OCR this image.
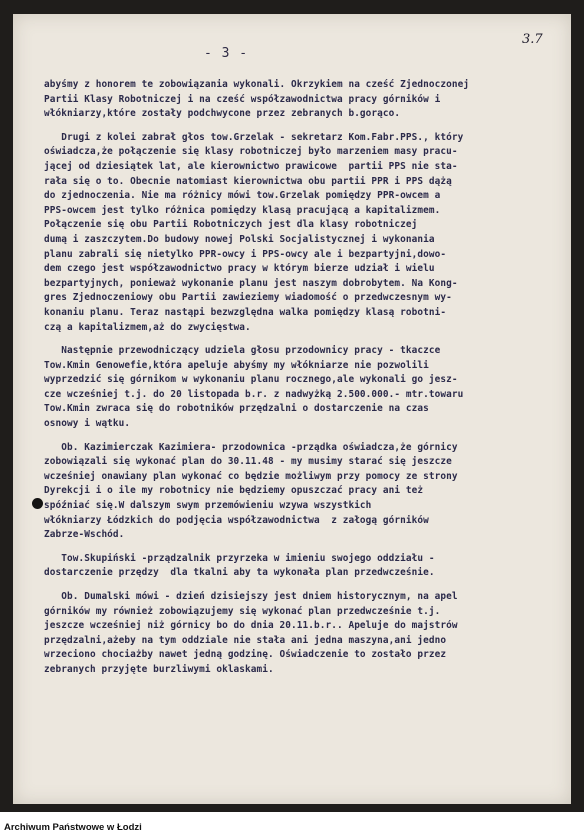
3.7
- 3 -

abyśmy z honorem te zobowiązania wykonali. Okrzykiem na cześć Zjednoczonej
Partii Klasy Robotniczej i na cześć współzawodnictwa pracy górników i
włókniarzy,które zostały podchwycone przez zebranych b.gorąco.

Drugi z kolei zabrał głos tow.Grzelak - sekretarz Kom.Fabr.PPS., który
oświadcza,że połączenie się klasy robotniczej było marzeniem masy pracu-
jącej od dziesiątek lat, ale kierownictwo prawicowe  partii PPS nie sta-
rała się o to. Obecnie natomiast kierownictwa obu partii PPR i PPS dążą
do zjednoczenia. Nie ma różnicy mówi tow.Grzelak pomiędzy PPR-owcem a
PPS-owcem jest tylko różnica pomiędzy klasą pracującą a kapitalizmem.
Połączenie się obu Partii Robotniczych jest dla klasy robotniczej
dumą i zaszczytem.Do budowy nowej Polski Socjalistycznej i wykonania
planu zabrali się nietylko PPR-owcy i PPS-owcy ale i bezpartyjni,dowo-
dem czego jest współzawodnictwo pracy w którym bierze udział i wielu
bezpartyjnych, ponieważ wykonanie planu jest naszym dobrobytem. Na Kong-
gres Zjednoczeniowy obu Partii zawieziemy wiadomość o przedwczesnym wy-
konaniu planu. Teraz nastąpi bezwzględna walka pomiędzy klasą robotni-
czą a kapitalizmem,aż do zwycięstwa.

Następnie przewodniczący udziela głosu przodownicy pracy - tkaczce
Tow.Kmin Genowefie,która apeluje abyśmy my włókniarze nie pozwolili
wyprzedzić się górnikom w wykonaniu planu rocznego,ale wykonali go jesz-
cze wcześniej t.j. do 20 listopada b.r. z nadwyżką 2.500.000.- mtr.towaru
Tow.Kmin zwraca się do robotników przędzalni o dostarczenie na czas
osnowy i wątku.

Ob. Kazimierczak Kazimiera- przodownica -prządka oświadcza,że górnicy
zobowiązali się wykonać plan do 30.11.48 - my musimy starać się jeszcze
wcześniej onawiany plan wykonać co będzie możliwym przy pomocy ze strony
Dyrekcji i o ile my robotnicy nie będziemy opuszczać pracy ani też
spóźniać się.W dalszym swym przemówieniu wzywa wszystkich
włókniarzy Łódzkich do podjęcia współzawodnictwa  z załogą górników
Zabrze-Wschód.

Tow.Skupiński -prządzalnik przyrzeka w imieniu swojego oddziału -
dostarczenie przędzy  dla tkalni aby ta wykonała plan przedwcześnie.

Ob. Dumalski mówi - dzień dzisiejszy jest dniem historycznym, na apel
górników my również zobowiązujemy się wykonać plan przedwcześnie t.j.
jeszcze wcześniej niż górnicy bo do dnia 20.11.b.r.. Apeluje do majstrów
przędzalni,ażeby na tym oddziale nie stała ani jedna maszyna,ani jedno
wrzeciono chociażby nawet jedną godzinę. Oświadczenie to zostało przez
zebranych przyjęte burzliwymi oklaskami.

Archiwum Państwowe w Łodzi
